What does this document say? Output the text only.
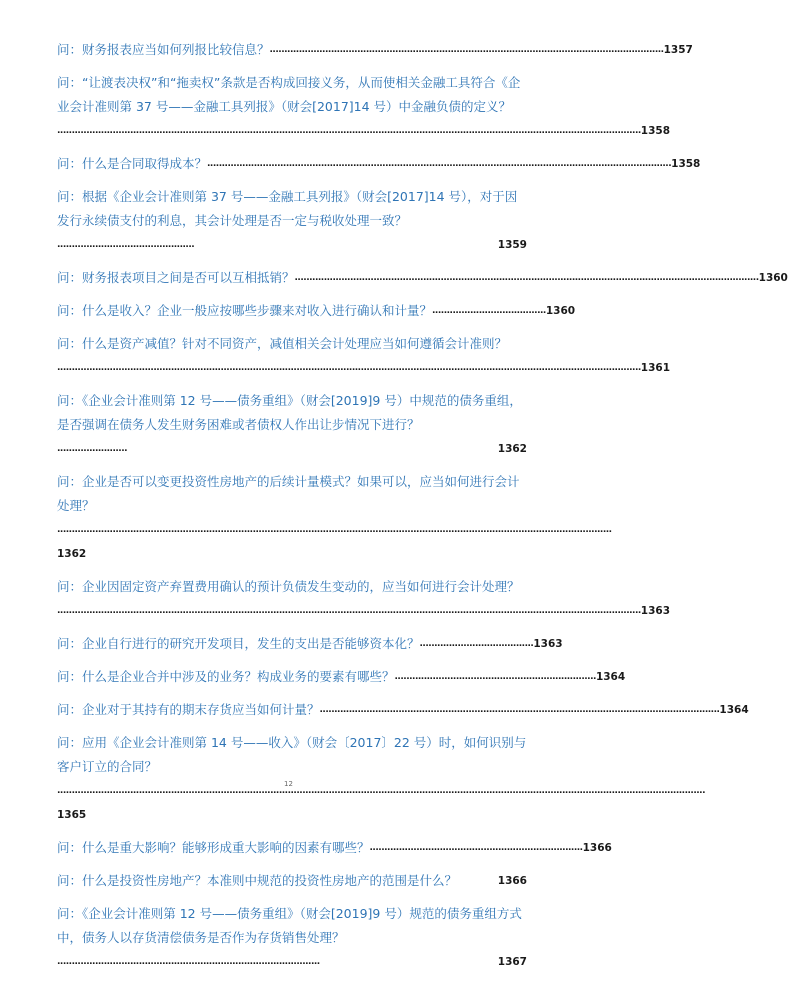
问：财务报表应当如何列报比较信息？ ....................................................................................................................................... 1357
问：“让渡表决权”和“拖卖权”条款是否构成回接义务，从而使相关金融工具符合《企业会计准则第 37 号——金融工具列报》（财会[2017]14 号）中金融负债的定义？
........................................................................................................................................................................................................ 1358
问：什么是合同取得成本？ ............................................................................................................................................................... 1358
问：根据《企业会计准则第 37 号——金融工具列报》（财会[2017]14 号），对于因发行永续债支付的利息，其会计处理是否一定与税收处理一致？
...............................................	1359
问：财务报表项目之间是否可以互相抵销？ ............................................................................................................................................................... 1360
问：什么是收入？企业一般应按哪些步骤来对收入进行确认和计量？ ....................................... 1360
问：什么是资产减值？针对不同资产，减值相关会计处理应当如何遵循会计准则？
........................................................................................................................................................................................................ 1361
问：《企业会计准则第 12 号——债务重组》（财会[2019]9 号）中规范的债务重组，是否强调在债务人发生财务困难或者债权人作出让步情况下进行？
........................	1362
问：企业是否可以变更投资性房地产的后续计量模式？如果可以，应当如何进行会计处理？
..............................................................................................................................................................................................
1362
问：企业因固定资产弃置费用确认的预计负债发生变动的，应当如何进行会计处理？
........................................................................................................................................................................................................ 1363
问：企业自行进行的研究开发项目，发生的支出是否能够资本化？ ....................................... 1363
问：什么是企业合并中涉及的业务？构成业务的要素有哪些？ ..................................................................... 1364
问：企业对于其持有的期末存货应当如何计量？ ......................................................................................................................................... 1364
问：应用《企业会计准则第 14 号——收入》（财会〔2017〕22 号）时，如何识别与客户订立的合同？
..............................................................................................................................................................................................................................
1365
问：什么是重大影响？能够形成重大影响的因素有哪些？ ......................................................................... 1366
问：什么是投资性房地产？本准则中规范的投资性房地产的范围是什么？	1366
问：《企业会计准则第 12 号——债务重组》（财会[2019]9 号）规范的债务重组方式中，债务人以存货清偿债务是否作为存货销售处理？
..........................................................................................	1367
12
